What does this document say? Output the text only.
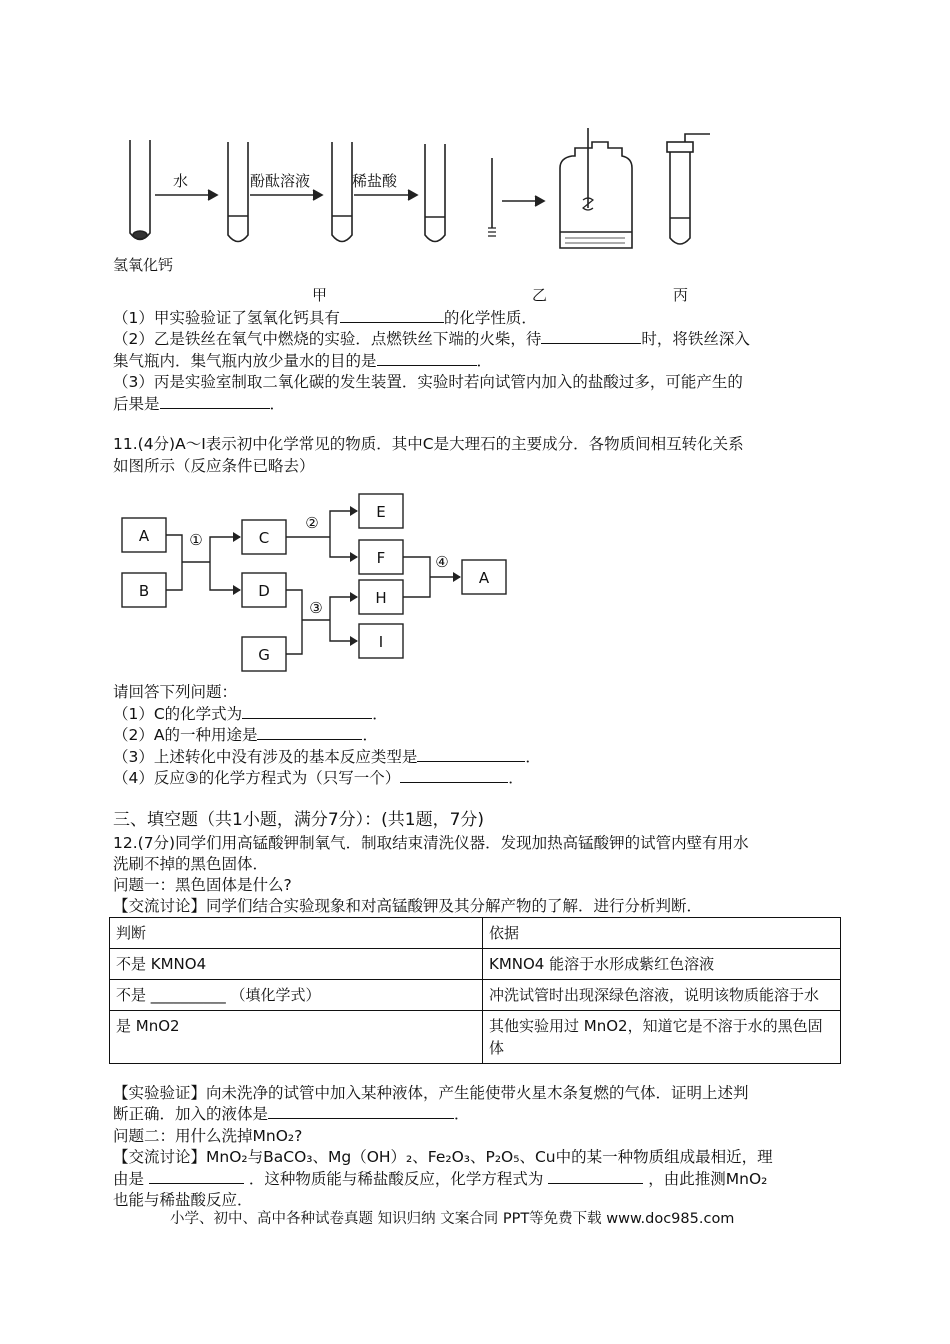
水	酚酞溶液	稀盐酸
氢氧化钙
甲	乙	丙
（1）甲实验验证了氢氧化钙具有	的化学性质．
（2）乙是铁丝在氧气中燃烧的实验．点燃铁丝下端的火柴，待	时，将铁丝深入
集气瓶内．集气瓶内放少量水的目的是	．
（3）丙是实验室制取二氧化碳的发生装置．实验时若向试管内加入的盐酸过多，可能产生的
后果是	．
11.(4分)A～I表示初中化学常见的物质．其中C是大理石的主要成分．各物质间相互转化关系
如图所示（反应条件已略去）
A
B
C
D
G
E
F
H
I
A
①
②
③
④
请回答下列问题：
（1）C的化学式为	．
（2）A的一种用途是	．
（3）上述转化中没有涉及的基本反应类型是	．
（4）反应③的化学方程式为（只写一个）	．
三、填空题（共1小题，满分7分）：(共1题，7分)
12.(7分)同学们用高锰酸钾制氧气．制取结束清洗仪器．发现加热高锰酸钾的试管内壁有用水
洗刷不掉的黑色固体．
问题一：黑色固体是什么?
【交流讨论】同学们结合实验现象和对高锰酸钾及其分解产物的了解．进行分析判断．
判断	依据
不是 KMNO4	KMNO4 能溶于水形成紫红色溶液
不是 __________ （填化学式）	冲洗试管时出现深绿色溶液，说明该物质能溶于水
是 MnO2	其他实验用过 MnO2，知道它是不溶于水的黑色固体
【实验验证】向未洗净的试管中加入某种液体，产生能使带火星木条复燃的气体．证明上述判
断正确．加入的液体是	．
问题二：用什么洗掉MnO₂?
【交流讨论】MnO₂与BaCO₃、Mg（OH）₂、Fe₂O₃、P₂O₅、Cu中的某一种物质组成最相近，理
由是	．这种物质能与稀盐酸反应，化学方程式为	，由此推测MnO₂
也能与稀盐酸反应．
小学、初中、高中各种试卷真题 知识归纳 文案合同 PPT等免费下载 www.doc985.com
